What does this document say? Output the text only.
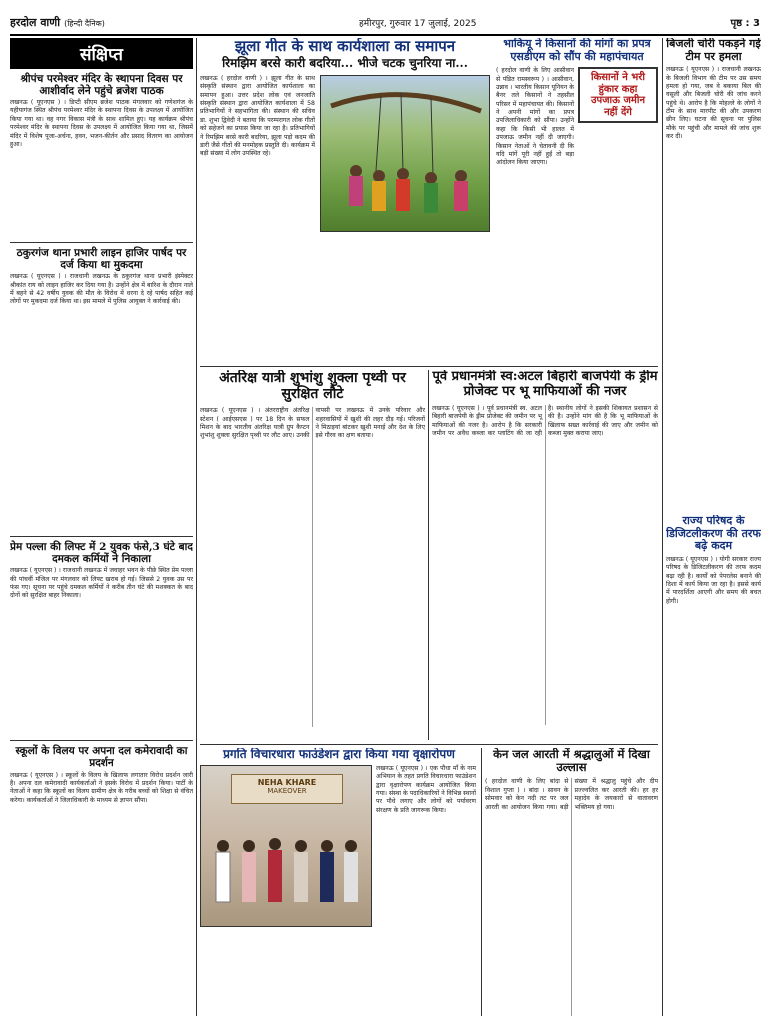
हरदोल वाणी (हिन्दी दैनिक)	हमीरपुर, गुरुवार 17 जुलाई, 2025	पृष्ठ : 3
संक्षिप्त
श्रीपंच परमेश्वर मंदिर के स्थापना दिवस पर आशीर्वाद लेने पहुंचे ब्रजेश पाठक
लखनऊ ( यूएनएस ) । डिप्टी सीएम ब्रजेश पाठक मंगलवार को गणेशगंज के यहीयागंज स्थित श्रीपंच परमेश्वर मंदिर के स्थापना दिवस के उपलक्ष्य में आयोजित किया गया था। वह नगर विकास मंत्री के साथ शामिल हुए। यह कार्यक्रम श्रीपंच परमेश्वर मंदिर के स्थापना दिवस के उपलक्ष्य में आयोजित किया गया था, जिसमें मंदिर में विशेष पूजा-अर्चना, हवन, भजन-कीर्तन और प्रसाद वितरण का आयोजन हुआ।
ठकुरगंज थाना प्रभारी लाइन हाजिर पार्षद पर दर्ज किया था मुकदमा
लखनऊ ( यूएनएस ) । राजधानी लखनऊ के ठकुरगंज थाना प्रभारी इंस्पेक्टर श्रीकांत राय को लाइन हाजिर कर दिया गया है। उन्होंने क्षेत्र में बारिश के दौरान नाले में बहने से 42 वर्षीय युवक की मौत के विरोध में धरना दे रहे पार्षद सहित कई लोगों पर मुकदमा दर्ज किया था। इस मामले में पुलिस आयुक्त ने कार्रवाई की।
प्रेम पल्ला की लिफ्ट में 2 युवक फंसे,3 घंटे बाद दमकल कर्मियों ने निकाला
लखनऊ ( यूएनएस ) । राजधानी लखनऊ में जवाहर भवन के पीछे स्थित प्रेम पल्ला की पांचवीं मंजिल पर मंगलवार को लिफ्ट खराब हो गई। जिससे 2 युवक उस पर फंस गए। सूचना पर पहुंचे दमकल कर्मियों ने करीब तीन घंटे की मशक्कत के बाद दोनों को सुरक्षित बाहर निकाला।
स्कूलों के विलय पर अपना दल कमेरावादी का प्रदर्शन
लखनऊ ( यूएनएस ) । स्कूलों के विलय के खिलाफ लगातार विरोध प्रदर्शन जारी है। अपना दल कमेरावादी कार्यकर्ताओं ने इसके विरोध में प्रदर्शन किया। पार्टी के नेताओं ने कहा कि स्कूलों का विलय ग्रामीण क्षेत्र के गरीब बच्चों को शिक्षा से वंचित करेगा। कार्यकर्ताओं ने जिलाधिकारी के माध्यम से ज्ञापन सौंपा।
झूला गीत के साथ कार्यशाला का समापन
रिमझिम बरसे कारी बदरिया... भीजे चटक चुनरिया ना...
लखनऊ ( हरदोल वाणी ) । झूला गीत के साथ संस्कृति संस्थान द्वारा आयोजित कार्यशाला का समापन हुआ। उत्तर प्रदेश लोक एवं जनजाति संस्कृति संस्थान द्वारा आयोजित कार्यशाला में 58 प्रतिभागियों ने सहभागिता की। संस्थान की सचिव डा. शुभा द्विवेदी ने बताया कि परम्परागत लोक गीतों को सहेजने का प्रयास किया जा रहा है। प्रतिभागियों ने रिमझिम बरसे कारी बदरिया, झूला पड़ो कदम की डारी जैसे गीतों की मनमोहक प्रस्तुति दी। कार्यक्रम में बड़ी संख्या में लोग उपस्थित रहे।
भाकियू ने किसानों की मांगों का प्रपत्र एसडीएम को सौंप की महापंचायत
( हरदोल वाणी के लिए आसीवान से पंडित रामस्वरूप ) । आसीवान, उन्नाव । भारतीय किसान यूनियन के बैनर तले किसानों ने तहसील परिसर में महापंचायत की। किसानों ने अपनी मांगों का प्रपत्र उपजिलाधिकारी को सौंपा। उन्होंने कहा कि किसी भी हालत में उपजाऊ जमीन नहीं दी जाएगी। किसान नेताओं ने चेतावनी दी कि यदि मांगें पूरी नहीं हुईं तो बड़ा आंदोलन किया जाएगा।
किसानों ने भरी हुंकार कहा उपजाऊ जमीन नहीं देंगे
बिजली चोरी पकड़ने गई टीम पर हमला
लखनऊ ( यूएनएस ) । राजधानी लखनऊ के बिजली विभाग की टीम पर उस समय हमला हो गया, जब वे बकाया बिल की वसूली और बिजली चोरी की जांच करने पहुंचे थे। आरोप है कि मोहल्ले के लोगों ने टीम के साथ मारपीट की और उपकरण छीन लिए। घटना की सूचना पर पुलिस मौके पर पहुंची और मामले की जांच शुरू कर दी।
राज्य परिषद के डिजिटलीकरण की तरफ बढ़े कदम
लखनऊ ( यूएनएस ) । योगी सरकार राज्य परिषद के डिजिटलीकरण की तरफ कदम बढ़ा रही है। कार्यों को पेपरलेस बनाने की दिशा में कार्य किया जा रहा है। इससे कार्य में पारदर्शिता आएगी और समय की बचत होगी।
अंतरिक्ष यात्री शुभांशु शुक्ला पृथ्वी पर सुरक्षित लौटे
लखनऊ ( यूएनएस ) । अंतरराष्ट्रीय अंतरिक्ष स्टेशन ( आईएसएस ) पर 18 दिन के सफल मिशन के बाद भारतीय अंतरिक्ष यात्री ग्रुप कैप्टन शुभांशु शुक्ला सुरक्षित पृथ्वी पर लौट आए। उनकी वापसी पर लखनऊ में उनके परिवार और शहरवासियों में खुशी की लहर दौड़ गई। परिजनों ने मिठाइयां बांटकर खुशी मनाई और देश के लिए इसे गौरव का क्षण बताया।
पूर्व प्रधानमंत्री स्व:अटल बिहारी बाजपेयी के ड्रीम प्रोजेक्ट पर भू माफियाओं की नजर
लखनऊ ( यूएनएस ) । पूर्व प्रधानमंत्री स्व. अटल बिहारी बाजपेयी के ड्रीम प्रोजेक्ट की जमीन पर भू माफियाओं की नजर है। आरोप है कि सरकारी जमीन पर अवैध कब्जा कर प्लाटिंग की जा रही है। स्थानीय लोगों ने इसकी शिकायत प्रशासन से की है। उन्होंने मांग की है कि भू माफियाओं के खिलाफ सख्त कार्रवाई की जाए और जमीन को कब्जा मुक्त कराया जाए।
प्रगति विचारधारा फाउंडेशन द्वारा किया गया वृक्षारोपण
NEHA KHARE
MAKEOVER
लखनऊ ( यूएनएस ) । एक पौधा माँ के नाम अभियान के तहत प्रगति विचारधारा फाउंडेशन द्वारा वृक्षारोपण कार्यक्रम आयोजित किया गया। संस्था के पदाधिकारियों ने विभिन्न स्थानों पर पौधे लगाए और लोगों को पर्यावरण संरक्षण के प्रति जागरूक किया।
केन जल आरती में श्रद्धालुओं में दिखा उल्लास
( हरदोल वाणी के लिए बांदा से विशाल गुप्ता ) । बांदा । सावन के सोमवार को केन नदी तट पर जल आरती का आयोजन किया गया। बड़ी संख्या में श्रद्धालु पहुंचे और दीप प्रज्ज्वलित कर आरती की। हर हर महादेव के जयकारों से वातावरण भक्तिमय हो गया।
